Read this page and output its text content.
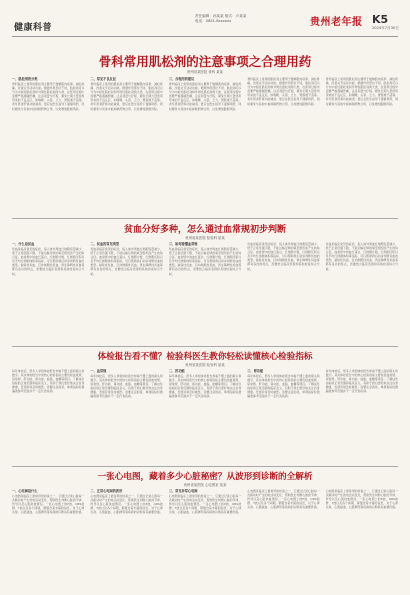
健康科普
责任编辑：孙某某 版式：卢某某
电话：0851-8xxxxxx	贵州老年报 K5
2024年7月30日
骨科常用肌松剂的注意事项之合理用药
贵州省某医院 骨科 某某
一、肌松剂的分类
骨科临床上常用的肌松剂主要用于缓解肌肉痉挛、减轻疼痛、改善关节活动功能。根据作用部位不同，肌松剂可以分为中枢性肌松剂和外周性肌松剂两大类，在使用过程中需要严格遵循医嘱，注意剂量与疗程，避免长期大量使用带来的不良反应，如嗜睡、头晕、乏力、胃肠道不适等。老年患者肝肾功能减退，更应在医生指导下谨慎用药，同时避免与其他中枢抑制药物合用，以免增加跌倒风险。
二、常见不良反应
骨科临床上常用的肌松剂主要用于缓解肌肉痉挛、减轻疼痛、改善关节活动功能。根据作用部位不同，肌松剂可以分为中枢性肌松剂和外周性肌松剂两大类，在使用过程中需要严格遵循医嘱，注意剂量与疗程，避免长期大量使用带来的不良反应，如嗜睡、头晕、乏力、胃肠道不适等。老年患者肝肾功能减退，更应在医生指导下谨慎用药，同时避免与其他中枢抑制药物合用，以免增加跌倒风险。
三、合理用药建议
骨科临床上常用的肌松剂主要用于缓解肌肉痉挛、减轻疼痛、改善关节活动功能。根据作用部位不同，肌松剂可以分为中枢性肌松剂和外周性肌松剂两大类，在使用过程中需要严格遵循医嘱，注意剂量与疗程，避免长期大量使用带来的不良反应，如嗜睡、头晕、乏力、胃肠道不适等。老年患者肝肾功能减退，更应在医生指导下谨慎用药，同时避免与其他中枢抑制药物合用，以免增加跌倒风险。
骨科临床上常用的肌松剂主要用于缓解肌肉痉挛、减轻疼痛、改善关节活动功能。根据作用部位不同，肌松剂可以分为中枢性肌松剂和外周性肌松剂两大类，在使用过程中需要严格遵循医嘱，注意剂量与疗程，避免长期大量使用带来的不良反应，如嗜睡、头晕、乏力、胃肠道不适等。老年患者肝肾功能减退，更应在医生指导下谨慎用药，同时避免与其他中枢抑制药物合用，以免增加跌倒风险。
骨科临床上常用的肌松剂主要用于缓解肌肉痉挛、减轻疼痛、改善关节活动功能。根据作用部位不同，肌松剂可以分为中枢性肌松剂和外周性肌松剂两大类，在使用过程中需要严格遵循医嘱，注意剂量与疗程，避免长期大量使用带来的不良反应，如嗜睡、头晕、乏力、胃肠道不适等。老年患者肝肾功能减退，更应在医生指导下谨慎用药，同时避免与其他中枢抑制药物合用，以免增加跌倒风险。
贫血分好多种，怎么通过血常规初步判断
贵州省某医院 检验科 某某
一、什么是贫血
贫血是临床常见的症状，指人体外周血红细胞容量减少，低于正常范围下限，不能运输足够的氧至组织而产生的综合征。血常规中的血红蛋白、红细胞计数、红细胞压积以及平均红细胞体积等指标，可以帮助我们初步判断贫血的类型。缺铁性贫血、巨幼细胞性贫血、再生障碍性贫血等都有各自的特点，需要结合临床表现和其他检查综合分析。
二、贫血的常见类型
贫血是临床常见的症状，指人体外周血红细胞容量减少，低于正常范围下限，不能运输足够的氧至组织而产生的综合征。血常规中的血红蛋白、红细胞计数、红细胞压积以及平均红细胞体积等指标，可以帮助我们初步判断贫血的类型。缺铁性贫血、巨幼细胞性贫血、再生障碍性贫血等都有各自的特点，需要结合临床表现和其他检查综合分析。
三、如何看懂血常规
贫血是临床常见的症状，指人体外周血红细胞容量减少，低于正常范围下限，不能运输足够的氧至组织而产生的综合征。血常规中的血红蛋白、红细胞计数、红细胞压积以及平均红细胞体积等指标，可以帮助我们初步判断贫血的类型。缺铁性贫血、巨幼细胞性贫血、再生障碍性贫血等都有各自的特点，需要结合临床表现和其他检查综合分析。
贫血是临床常见的症状，指人体外周血红细胞容量减少，低于正常范围下限，不能运输足够的氧至组织而产生的综合征。血常规中的血红蛋白、红细胞计数、红细胞压积以及平均红细胞体积等指标，可以帮助我们初步判断贫血的类型。缺铁性贫血、巨幼细胞性贫血、再生障碍性贫血等都有各自的特点，需要结合临床表现和其他检查综合分析。
贫血是临床常见的症状，指人体外周血红细胞容量减少，低于正常范围下限，不能运输足够的氧至组织而产生的综合征。血常规中的血红蛋白、红细胞计数、红细胞压积以及平均红细胞体积等指标，可以帮助我们初步判断贫血的类型。缺铁性贫血、巨幼细胞性贫血、再生障碍性贫血等都有各自的特点，需要结合临床表现和其他检查综合分析。
体检报告看不懂？检验科医生教你轻松读懂核心检验指标
贵州省某医院 检验科 某某
每年体检后，很多人拿到体检报告却看不懂上面的箭头和数字。其实体检报告中的核心检验指标主要包括血常规、尿常规、肝功能、肾功能、血脂、血糖等项目。了解这些指标的正常范围和临床意义，有助于我们更好地关注自身健康，发现异常及时就医。需要注意的是，单项指标轻微偏离参考范围并不一定代表疾病。
一、血常规
每年体检后，很多人拿到体检报告却看不懂上面的箭头和数字。其实体检报告中的核心检验指标主要包括血常规、尿常规、肝功能、肾功能、血脂、血糖等项目。了解这些指标的正常范围和临床意义，有助于我们更好地关注自身健康，发现异常及时就医。需要注意的是，单项指标轻微偏离参考范围并不一定代表疾病。
二、肝功能
每年体检后，很多人拿到体检报告却看不懂上面的箭头和数字。其实体检报告中的核心检验指标主要包括血常规、尿常规、肝功能、肾功能、血脂、血糖等项目。了解这些指标的正常范围和临床意义，有助于我们更好地关注自身健康，发现异常及时就医。需要注意的是，单项指标轻微偏离参考范围并不一定代表疾病。
三、肾功能
每年体检后，很多人拿到体检报告却看不懂上面的箭头和数字。其实体检报告中的核心检验指标主要包括血常规、尿常规、肝功能、肾功能、血脂、血糖等项目。了解这些指标的正常范围和临床意义，有助于我们更好地关注自身健康，发现异常及时就医。需要注意的是，单项指标轻微偏离参考范围并不一定代表疾病。
每年体检后，很多人拿到体检报告却看不懂上面的箭头和数字。其实体检报告中的核心检验指标主要包括血常规、尿常规、肝功能、肾功能、血脂、血糖等项目。了解这些指标的正常范围和临床意义，有助于我们更好地关注自身健康，发现异常及时就医。需要注意的是，单项指标轻微偏离参考范围并不一定代表疾病。
一张心电图，藏着多少心脏秘密？从波形到诊断的全解析
贵州省某医院 心电图室 某某
一、心电图是什么
心电图是临床上最常用的检查之一，它通过记录心脏每一次跳动时产生的电活动变化，帮助医生判断心脏的节律、传导以及心肌供血情况。一张心电图上的P波、QRS波群、T波以及各个间期，都蕴含着丰富的信息，对于心律失常、心肌缺血、心肌梗死等疾病的诊断具有重要价值。
二、正常心电图的波形
心电图是临床上最常用的检查之一，它通过记录心脏每一次跳动时产生的电活动变化，帮助医生判断心脏的节律、传导以及心肌供血情况。一张心电图上的P波、QRS波群、T波以及各个间期，都蕴含着丰富的信息，对于心律失常、心肌缺血、心肌梗死等疾病的诊断具有重要价值。
三、常见异常心电图
心电图是临床上最常用的检查之一，它通过记录心脏每一次跳动时产生的电活动变化，帮助医生判断心脏的节律、传导以及心肌供血情况。一张心电图上的P波、QRS波群、T波以及各个间期，都蕴含着丰富的信息，对于心律失常、心肌缺血、心肌梗死等疾病的诊断具有重要价值。
心电图是临床上最常用的检查之一，它通过记录心脏每一次跳动时产生的电活动变化，帮助医生判断心脏的节律、传导以及心肌供血情况。一张心电图上的P波、QRS波群、T波以及各个间期，都蕴含着丰富的信息，对于心律失常、心肌缺血、心肌梗死等疾病的诊断具有重要价值。
心电图是临床上最常用的检查之一，它通过记录心脏每一次跳动时产生的电活动变化，帮助医生判断心脏的节律、传导以及心肌供血情况。一张心电图上的P波、QRS波群、T波以及各个间期，都蕴含着丰富的信息，对于心律失常、心肌缺血、心肌梗死等疾病的诊断具有重要价值。
